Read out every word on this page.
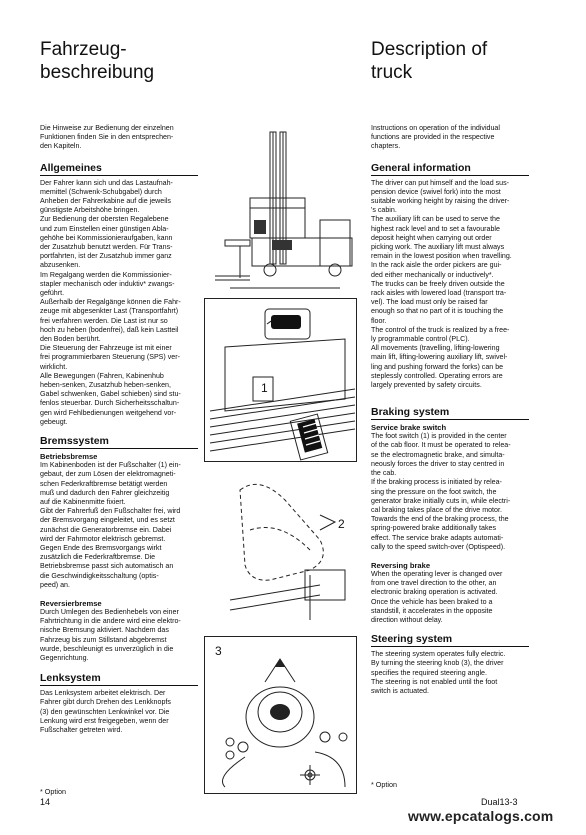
Fahrzeug-
beschreibung
Description of
truck
Die Hinweise zur Bedienung der einzelnen
Funktionen finden Sie in den entsprechen-
den Kapiteln.
Allgemeines
Der Fahrer kann sich und das Lastaufnah-
memittel (Schwenk-Schubgabel) durch
Anheben der Fahrerkabine auf die jeweils
günstigste Arbeitshöhe bringen.
Zur Bedienung der obersten Regalebene
und zum Einstellen einer günstigen Abla-
gehöhe bei Kommissionieraufgaben, kann
der Zusatzhub benutzt werden. Für Trans-
portfahrten, ist der Zusatzhub immer ganz
abzusenken.
Im Regalgang werden die Kommissionier-
stapler mechanisch oder induktiv* zwangs-
geführt.
Außerhalb der Regalgänge können die Fahr-
zeuge mit abgesenkter Last (Transportfahrt)
frei verfahren werden. Die Last ist nur so
hoch zu heben (bodenfrei), daß kein Lastteil
den Boden berührt.
Die Steuerung der Fahrzeuge ist mit einer
frei programmierbaren Steuerung (SPS) ver-
wirklicht.
Alle Bewegungen (Fahren, Kabinenhub
heben-senken, Zusatzhub heben-senken,
Gabel schwenken, Gabel schieben) sind stu-
fenlos steuerbar. Durch Sicherheitsschaltun-
gen wird Fehlbedienungen weitgehend vor-
gebeugt.
Bremssystem
Betriebsbremse
Im Kabinenboden ist der Fußschalter (1) ein-
gebaut, der zum Lösen der elektromagneti-
schen Federkraftbremse betätigt werden
muß und dadurch den Fahrer gleichzeitig
auf die Kabinenmitte fixiert.
Gibt der Fahrerfuß den Fußschalter frei, wird
der Bremsvorgang eingeleitet, und es setzt
zunächst die Generatorbremse ein. Dabei
wird der Fahrmotor elektrisch gebremst.
Gegen Ende des Bremsvorgangs wirkt
zusätzlich die Federkraftbremse. Die
Betriebsbremse passt sich automatisch an
die Geschwindigkeitsschaltung (optis-
peed) an.
Reversierbremse
Durch Umlegen des Bedienhebels von einer
Fahrtrichtung in die andere wird eine elektro-
nische Bremsung aktiviert. Nachdem das
Fahrzeug bis zum Stillstand abgebremst
wurde, beschleunigt es unverzüglich in die
Gegenrichtung.
Lenksystem
Das Lenksystem arbeitet elektrisch. Der
Fahrer gibt durch Drehen des Lenkknopfs
(3) den gewünschten Lenkwinkel vor. Die
Lenkung wird erst freigegeben, wenn der
Fußschalter getreten wird.
Instructions on operation of the individual
functions are provided in the respective
chapters.
General information
The driver can put himself and the load sus-
pension device (swivel fork) into the most
suitable working height by raising the driver-
's cabin.
The auxiliary lift can be used to serve the
highest rack level and to set a favourable
deposit height when carrying out order
picking work. The auxiliary lift must always
remain in the lowest position when travelling.
In the rack aisle the order pickers are gui-
ded either mechanically or inductively*.
The trucks can be freely driven outside the
rack aisles with lowered load (transport tra-
vel). The load must only be raised far
enough so that no part of it is touching the
floor.
The control of the truck is realized by a free-
ly programmable control (PLC).
All movements (travelling, lifting-lowering
main lift, lifting-lowering auxiliary lift, swivel-
ling and pushing forward the forks) can be
steplessly controlled. Operating errors are
largely prevented by safety circuits.
Braking system
Service brake switch
The foot switch (1) is provided in the center
of the cab floor. It must be operated to relea-
se the electromagnetic brake, and simulta-
neously forces the driver to stay centred in
the cab.
If the braking process is initiated by relea-
sing the pressure on the foot switch, the
generator brake initially cuts in, while electri-
cal braking takes place of the drive motor.
Towards the end of the braking process, the
spring-powered brake additionally takes
effect. The service brake adapts automati-
cally to the speed switch-over (Optispeed).
Reversing brake
When the operating lever is changed over
from one travel direction to the other, an
electronic braking operation is activated.
Once the vehicle has been braked to a
standstill, it accelerates in the opposite
direction without delay.
Steering system
The steering system operates fully electric.
By turning the steering knob (3), the driver
specifies the required steering angle.
The steering is not enabled until the foot
switch is actuated.
1
2
3
* Option
14
* Option
Dual13-3
www.epcatalogs.com
